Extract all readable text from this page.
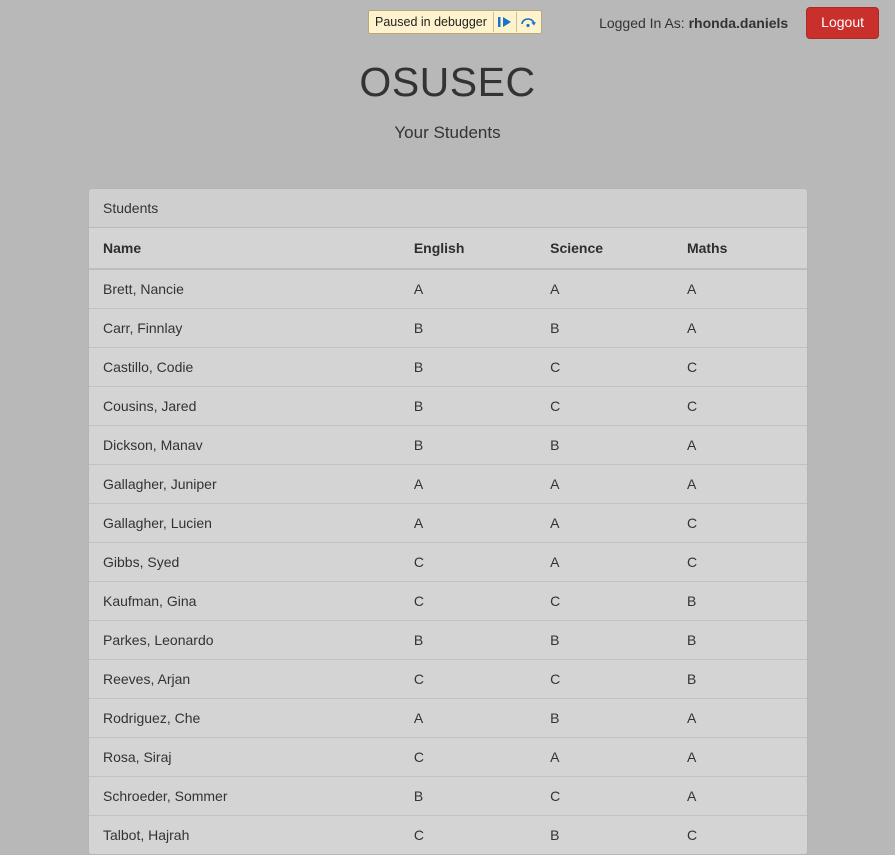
Paused in debugger	Logged In As: rhonda.daniels	Logout
OSUSEC
Your Students
Students
Name	English	Science	Maths
Brett, Nancie	A	A	A
Carr, Finnlay	B	B	A
Castillo, Codie	B	C	C
Cousins, Jared	B	C	C
Dickson, Manav	B	B	A
Gallagher, Juniper	A	A	A
Gallagher, Lucien	A	A	C
Gibbs, Syed	C	A	C
Kaufman, Gina	C	C	B
Parkes, Leonardo	B	B	B
Reeves, Arjan	C	C	B
Rodriguez, Che	A	B	A
Rosa, Siraj	C	A	A
Schroeder, Sommer	B	C	A
Talbot, Hajrah	C	B	C
